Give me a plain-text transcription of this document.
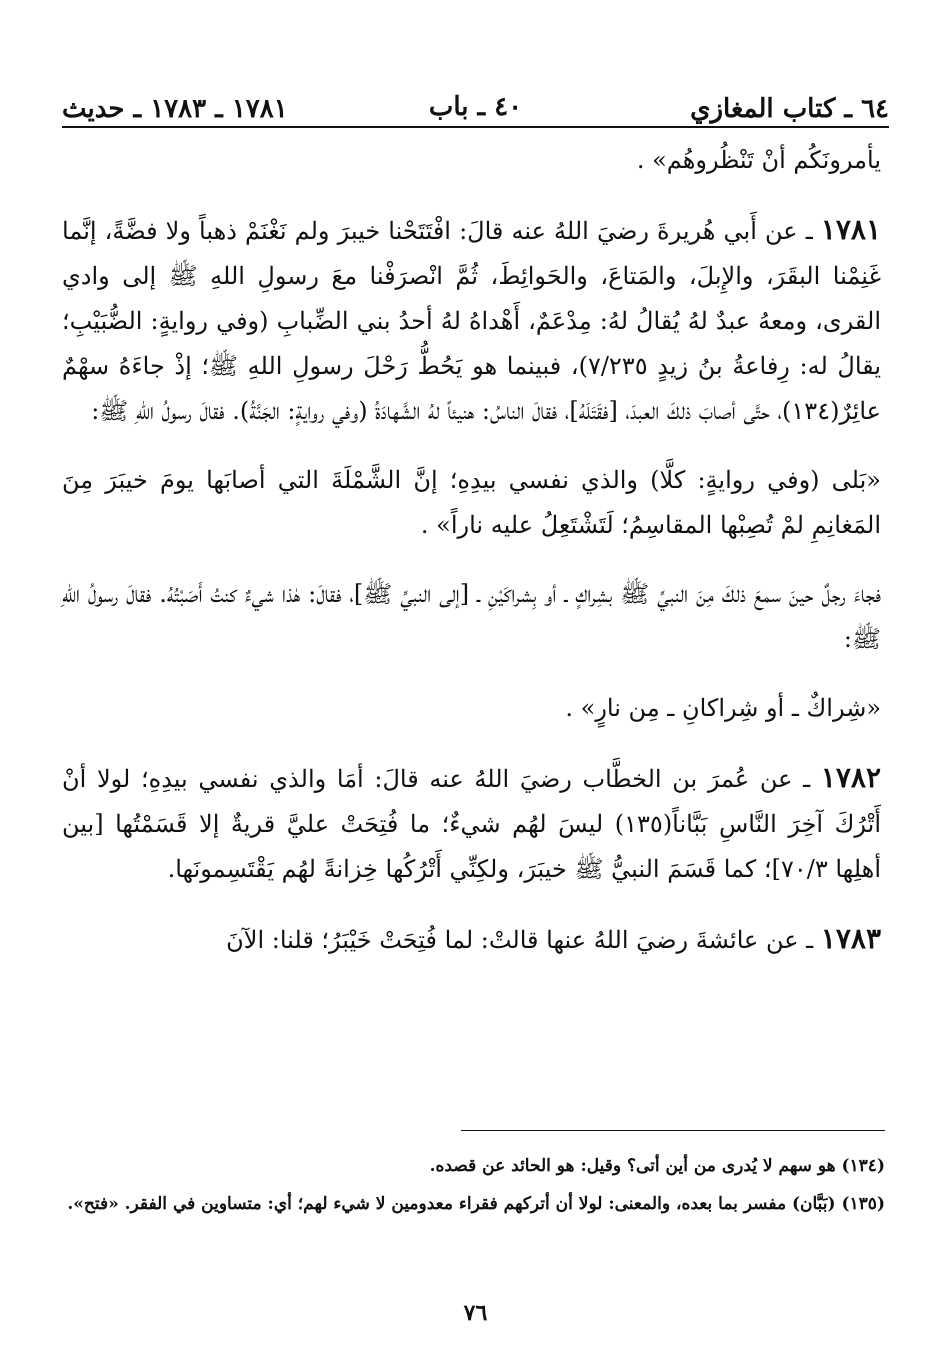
٦٤ ـ كتاب المغازي
٤٠ ـ باب
١٧٨١ ـ ١٧٨٣ ـ حديث

يأمرونَكُم أنْ تَنْظُروهُم» .

١٧٨١ ـ عن أَبي هُريرةَ رضيَ اللهُ عنه قالَ: افْتَتَحْنا خيبرَ ولم نَغْنَمْ ذهباً ولا فضَّةً، إنَّما غَنِمْنا البقَرَ، والإِبلَ، والمَتاعَ، والحَوائِطَ، ثُمَّ انْصرَفْنا معَ رسولِ اللهِ ﷺ إلى وادي القرى، ومعهُ عبدٌ لهُ يُقالُ لهُ: مِدْعَمٌ، أَهْداهُ لهُ أحدُ بني الضِّبابِ (وفي روايةٍ: الضُّبَيْبِ؛ يقالُ له: رِفاعةُ بنُ زيدٍ ٧/٢٣٥)، فبينما هو يَحُطُّ رَحْلَ رسولِ اللهِ ﷺ؛ إذْ جاءَهُ سهْمٌ عائِرٌ(١٣٤)، حتَّى أصابَ ذلكَ العبدَ، [فقَتَلَهُ]، فقالَ الناسُ: هنيئاً لهُ الشَّهادَةُ (وفي روايةٍ: الجَنَّةُ). فقالَ رسولُ اللهِ ﷺ:

«بَلى (وفي روايةٍ: كلَّا) والذي نفسي بيدِهِ؛ إنَّ الشَّمْلَةَ التي أصابَها يومَ خيبَرَ مِنَ المَغانِمِ لمْ تُصِبْها المقاسِمُ؛ لَتَشْتَعِلُ عليه ناراً» .

فجاءَ رجلٌ حينَ سمعَ ذلكَ مِنَ النبيِّ ﷺ بشِراكٍ ـ أو بِشراكَيْنِ ـ [إلى النبيِّ ﷺ]، فقالَ: هٰذا شيءٌ كنتُ أَصَبْتُهُ. فقالَ رسولُ اللهِ ﷺ:

«شِراكٌ ـ أو شِراكانِ ـ مِن نارٍ» .

١٧٨٢ ـ عن عُمرَ بن الخطَّاب رضيَ اللهُ عنه قالَ: أمَا والذي نفسي بيدِهِ؛ لولا أنْ أَتْرُكَ آخِرَ النَّاسِ بَبَّاناً(١٣٥) ليسَ لهُم شيءٌ؛ ما فُتِحَتْ عليَّ قريةٌ إلا قَسَمْتُها [بين أهلِها ٧٠/٣]؛ كما قَسَمَ النبيُّ ﷺ خيبَرَ، ولكِنِّي أَتْرُكُها خِزانةً لهُم يَقْتَسِمونَها.

١٧٨٣ ـ عن عائشةَ رضيَ اللهُ عنها قالتْ: لما فُتِحَتْ خَيْبَرُ؛ قلنا: الآنَ

(١٣٤) هو سهم لا يُدرى من أين أتى؟ وقيل: هو الحائد عن قصده.

(١٣٥) (بَبَّان) مفسر بما بعده، والمعنى: لولا أن أتركهم فقراء معدومين لا شيء لهم؛ أي: متساوين في الفقر. «فتح».

٧٦
